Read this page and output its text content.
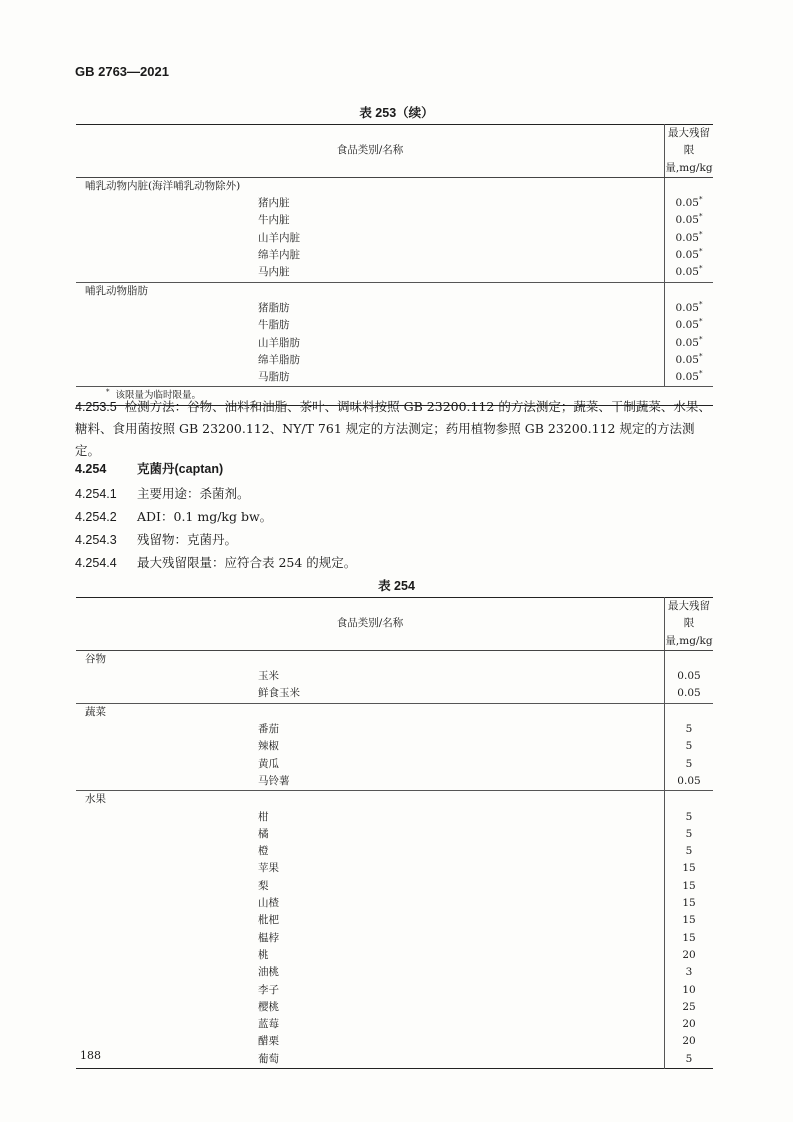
GB 2763—2021
表 253（续）
食品类别/名称	最大残留限量,mg/kg
哺乳动物内脏(海洋哺乳动物除外)	
猪内脏	0.05*
牛内脏	0.05*
山羊内脏	0.05*
绵羊内脏	0.05*
马内脏	0.05*
哺乳动物脂肪	
猪脂肪	0.05*
牛脂肪	0.05*
山羊脂肪	0.05*
绵羊脂肪	0.05*
马脂肪	0.05*
* 该限量为临时限量。	
4.253.5 检测方法：谷物、油料和油脂、茶叶、调味料按照 GB 23200.112 的方法测定；蔬菜、干制蔬菜、水果、糖料、食用菌按照 GB 23200.112、NY/T 761 规定的方法测定；药用植物参照 GB 23200.112 规定的方法测定。
4.254 克菌丹(captan)
4.254.1 主要用途：杀菌剂。
4.254.2 ADI：0.1 mg/kg bw。
4.254.3 残留物：克菌丹。
4.254.4 最大残留限量：应符合表 254 的规定。
表 254
食品类别/名称	最大残留限量,mg/kg
谷物	
玉米	0.05
鲜食玉米	0.05
蔬菜	
番茄	5
辣椒	5
黄瓜	5
马铃薯	0.05
水果	
柑	5
橘	5
橙	5
苹果	15
梨	15
山楂	15
枇杷	15
榅桲	15
桃	20
油桃	3
李子	10
樱桃	25
蓝莓	20
醋栗	20
葡萄	5
188
